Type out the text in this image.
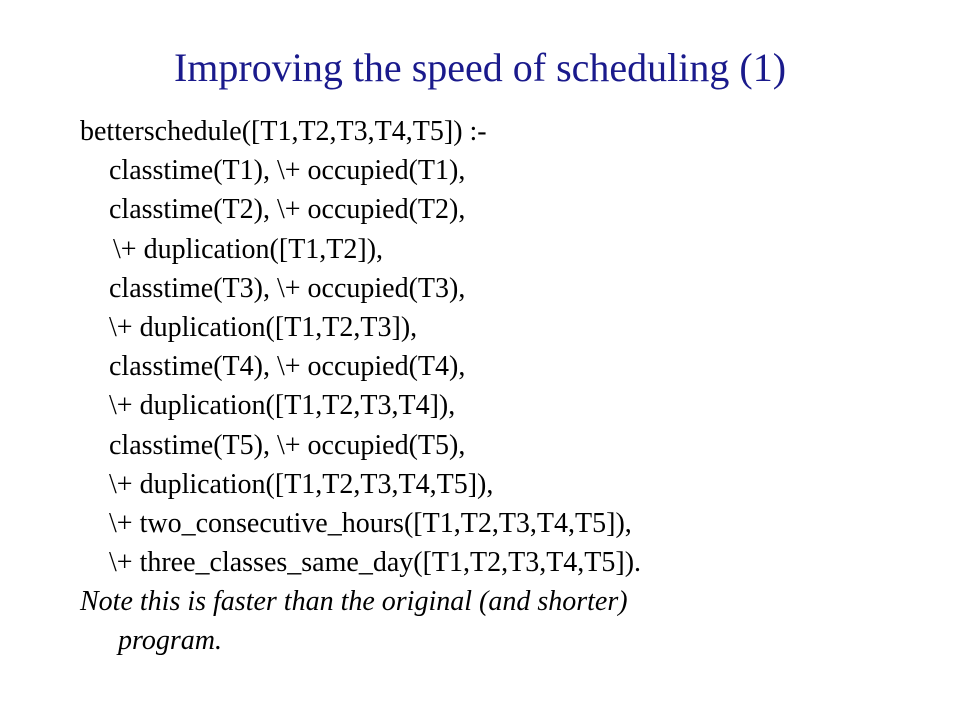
Improving the speed of scheduling (1)
betterschedule([T1,T2,T3,T4,T5]) :-
classtime(T1), \+ occupied(T1),
classtime(T2), \+ occupied(T2),
\+ duplication([T1,T2]),
classtime(T3), \+ occupied(T3),
\+ duplication([T1,T2,T3]),
classtime(T4), \+ occupied(T4),
\+ duplication([T1,T2,T3,T4]),
classtime(T5), \+ occupied(T5),
\+ duplication([T1,T2,T3,T4,T5]),
\+ two_consecutive_hours([T1,T2,T3,T4,T5]),
\+ three_classes_same_day([T1,T2,T3,T4,T5]).
Note this is faster than the original (and shorter)
program.
